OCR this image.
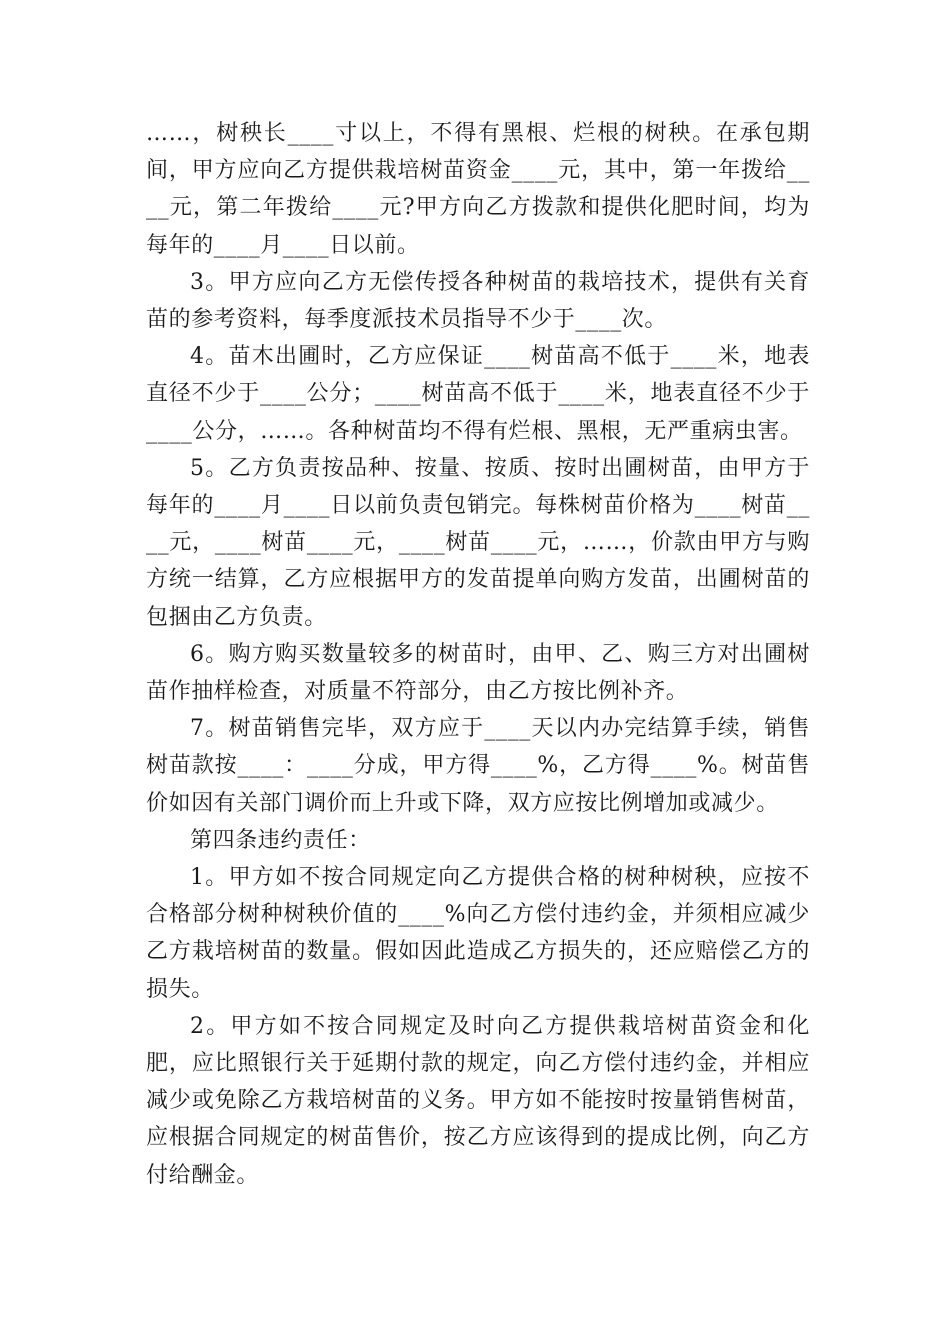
……，树秧长____寸以上，不得有黑根、烂根的树秧。在承包期间，甲方应向乙方提供栽培树苗资金____元，其中，第一年拨给____元，第二年拨给____元?甲方向乙方拨款和提供化肥时间，均为每年的____月____日以前。

3。甲方应向乙方无偿传授各种树苗的栽培技术，提供有关育苗的参考资料，每季度派技术员指导不少于____次。

4。苗木出圃时，乙方应保证____树苗高不低于____米，地表直径不少于____公分；____树苗高不低于____米，地表直径不少于____公分，……。各种树苗均不得有烂根、黑根，无严重病虫害。

5。乙方负责按品种、按量、按质、按时出圃树苗，由甲方于每年的____月____日以前负责包销完。每株树苗价格为____树苗____元，____树苗____元，____树苗____元，……，价款由甲方与购方统一结算，乙方应根据甲方的发苗提单向购方发苗，出圃树苗的包捆由乙方负责。

6。购方购买数量较多的树苗时，由甲、乙、购三方对出圃树苗作抽样检查，对质量不符部分，由乙方按比例补齐。

7。树苗销售完毕，双方应于____天以内办完结算手续，销售树苗款按____：____分成，甲方得____%，乙方得____%。树苗售价如因有关部门调价而上升或下降，双方应按比例增加或减少。

第四条违约责任：

1。甲方如不按合同规定向乙方提供合格的树种树秧，应按不合格部分树种树秧价值的____%向乙方偿付违约金，并须相应减少乙方栽培树苗的数量。假如因此造成乙方损失的，还应赔偿乙方的损失。

2。甲方如不按合同规定及时向乙方提供栽培树苗资金和化肥，应比照银行关于延期付款的规定，向乙方偿付违约金，并相应减少或免除乙方栽培树苗的义务。甲方如不能按时按量销售树苗，应根据合同规定的树苗售价，按乙方应该得到的提成比例，向乙方付给酬金。
